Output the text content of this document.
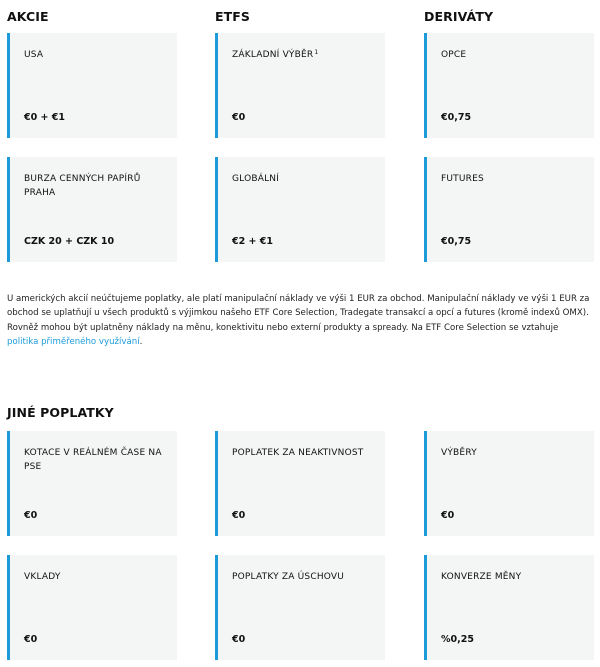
AKCIE	ETFS	DERIVÁTY
USA
€0 + €1
ZÁKLADNÍ VÝBĚR$^1$
€0
OPCE
€0,75
BURZA CENNÝCH PAPÍRŮ PRAHA
CZK 20 + CZK 10
GLOBÁLNÍ
€2 + €1
FUTURES
€0,75

U amerických akcií neúčtujeme poplatky, ale platí manipulační náklady ve výši 1 EUR za obchod. Manipulační náklady ve výši 1 EUR za obchod se uplatňují u všech produktů s výjimkou našeho ETF Core Selection, Tradegate transakcí a opcí a futures (kromě indexů OMX). Rovněž mohou být uplatněny náklady na měnu, konektivitu nebo externí produkty a spready. Na ETF Core Selection se vztahuje politika přiměřeného využívání.

JINÉ POPLATKY
KOTACE V REÁLNÉM ČASE NA PSE
€0
POPLATEK ZA NEAKTIVNOST
€0
VÝBĚRY
€0
VKLADY
€0
POPLATKY ZA ÚSCHOVU
€0
KONVERZE MĚNY
%0,25
